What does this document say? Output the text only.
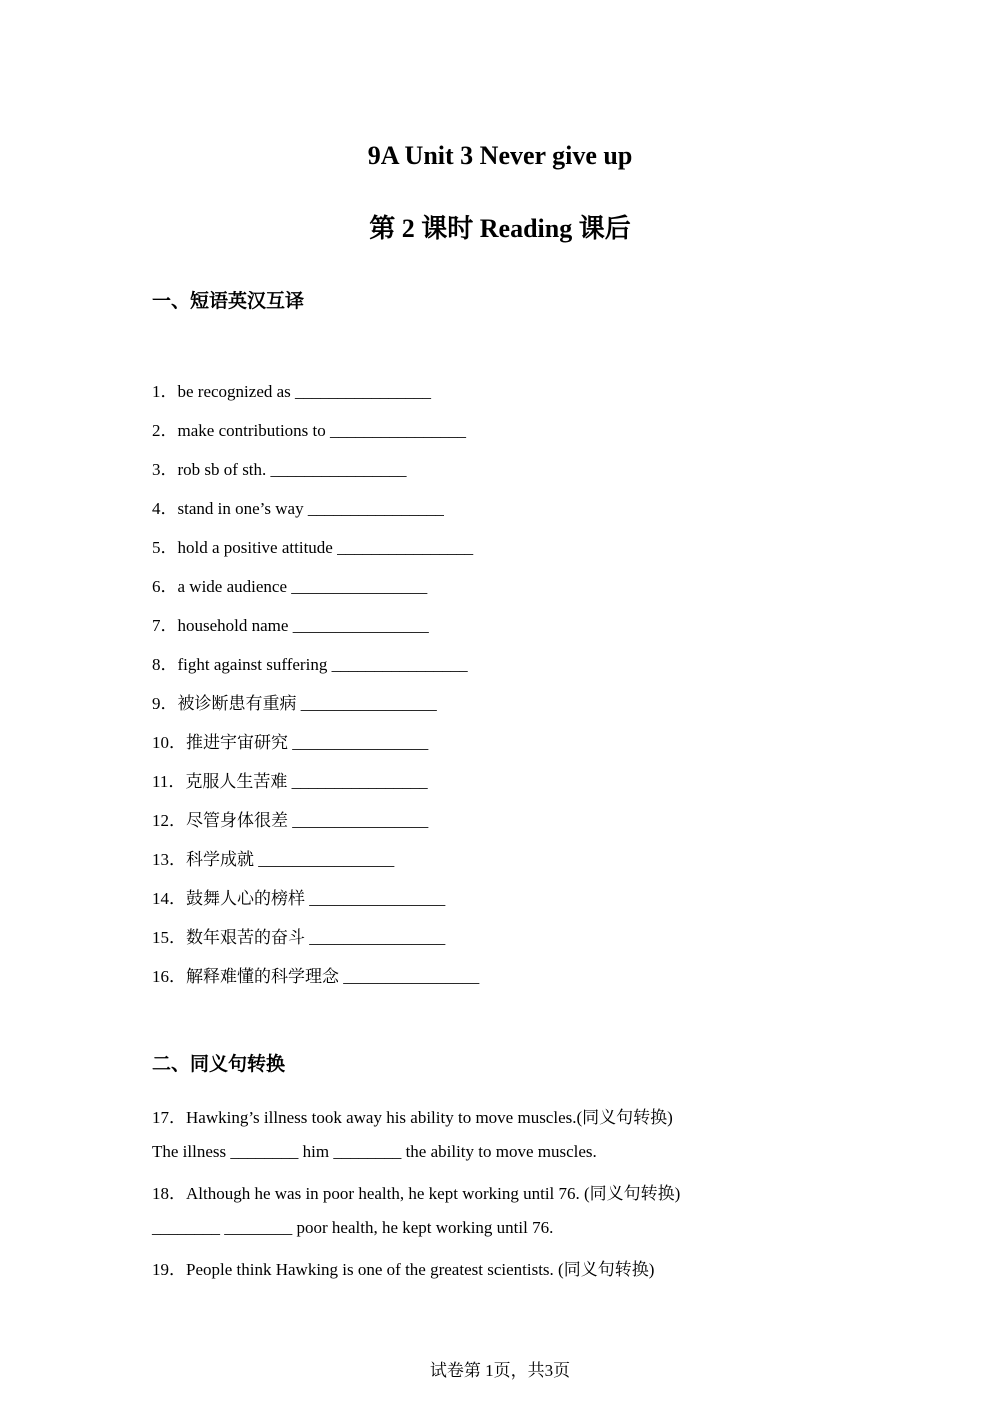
9A Unit 3 Never give up
第 2 课时 Reading 课后
一、短语英汉互译
1．be recognized as ________________
2．make contributions to ________________
3．rob sb of sth. ________________
4．stand in one’s way ________________
5．hold a positive attitude ________________
6．a wide audience ________________
7．household name ________________
8．fight against suffering ________________
9．被诊断患有重病 ________________
10．推进宇宙研究 ________________
11．克服人生苦难 ________________
12．尽管身体很差 ________________
13．科学成就 ________________
14．鼓舞人心的榜样 ________________
15．数年艰苦的奋斗 ________________
16．解释难懂的科学理念 ________________
二、同义句转换
17．Hawking’s illness took away his ability to move muscles.(同义句转换)
The illness ________ him ________ the ability to move muscles.
18．Although he was in poor health, he kept working until 76. (同义句转换)
________ ________ poor health, he kept working until 76.
19．People think Hawking is one of the greatest scientists. (同义句转换)
试卷第 1页，共3页
